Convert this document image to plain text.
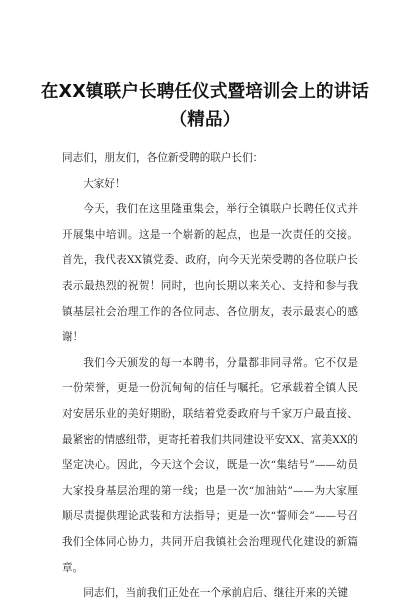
在XX镇联户长聘任仪式暨培训会上的讲话（精品）

同志们，朋友们，各位新受聘的联户长们：

大家好！

今天，我们在这里隆重集会，举行全镇联户长聘任仪式并开展集中培训。这是一个崭新的起点，也是一次责任的交接。首先，我代表XX镇党委、政府，向今天光荣受聘的各位联户长表示最热烈的祝贺！同时，也向长期以来关心、支持和参与我镇基层社会治理工作的各位同志、各位朋友，表示最衷心的感谢！

我们今天颁发的每一本聘书，分量都非同寻常。它不仅是一份荣誉，更是一份沉甸甸的信任与嘱托。它承载着全镇人民对安居乐业的美好期盼，联结着党委政府与千家万户最直接、最紧密的情感纽带，更寄托着我们共同建设平安XX、富美XX的坚定决心。因此，今天这个会议，既是一次“集结号”——幼员大家投身基层治理的第一线；也是一次“加油站”——为大家厘顺尽责提供理论武装和方法指导；更是一次“誓师会”——号召我们全体同心协力，共同开启我镇社会治理现代化建设的新篇章。

同志们，当前我们正处在一个承前启后、继往开来的关键
